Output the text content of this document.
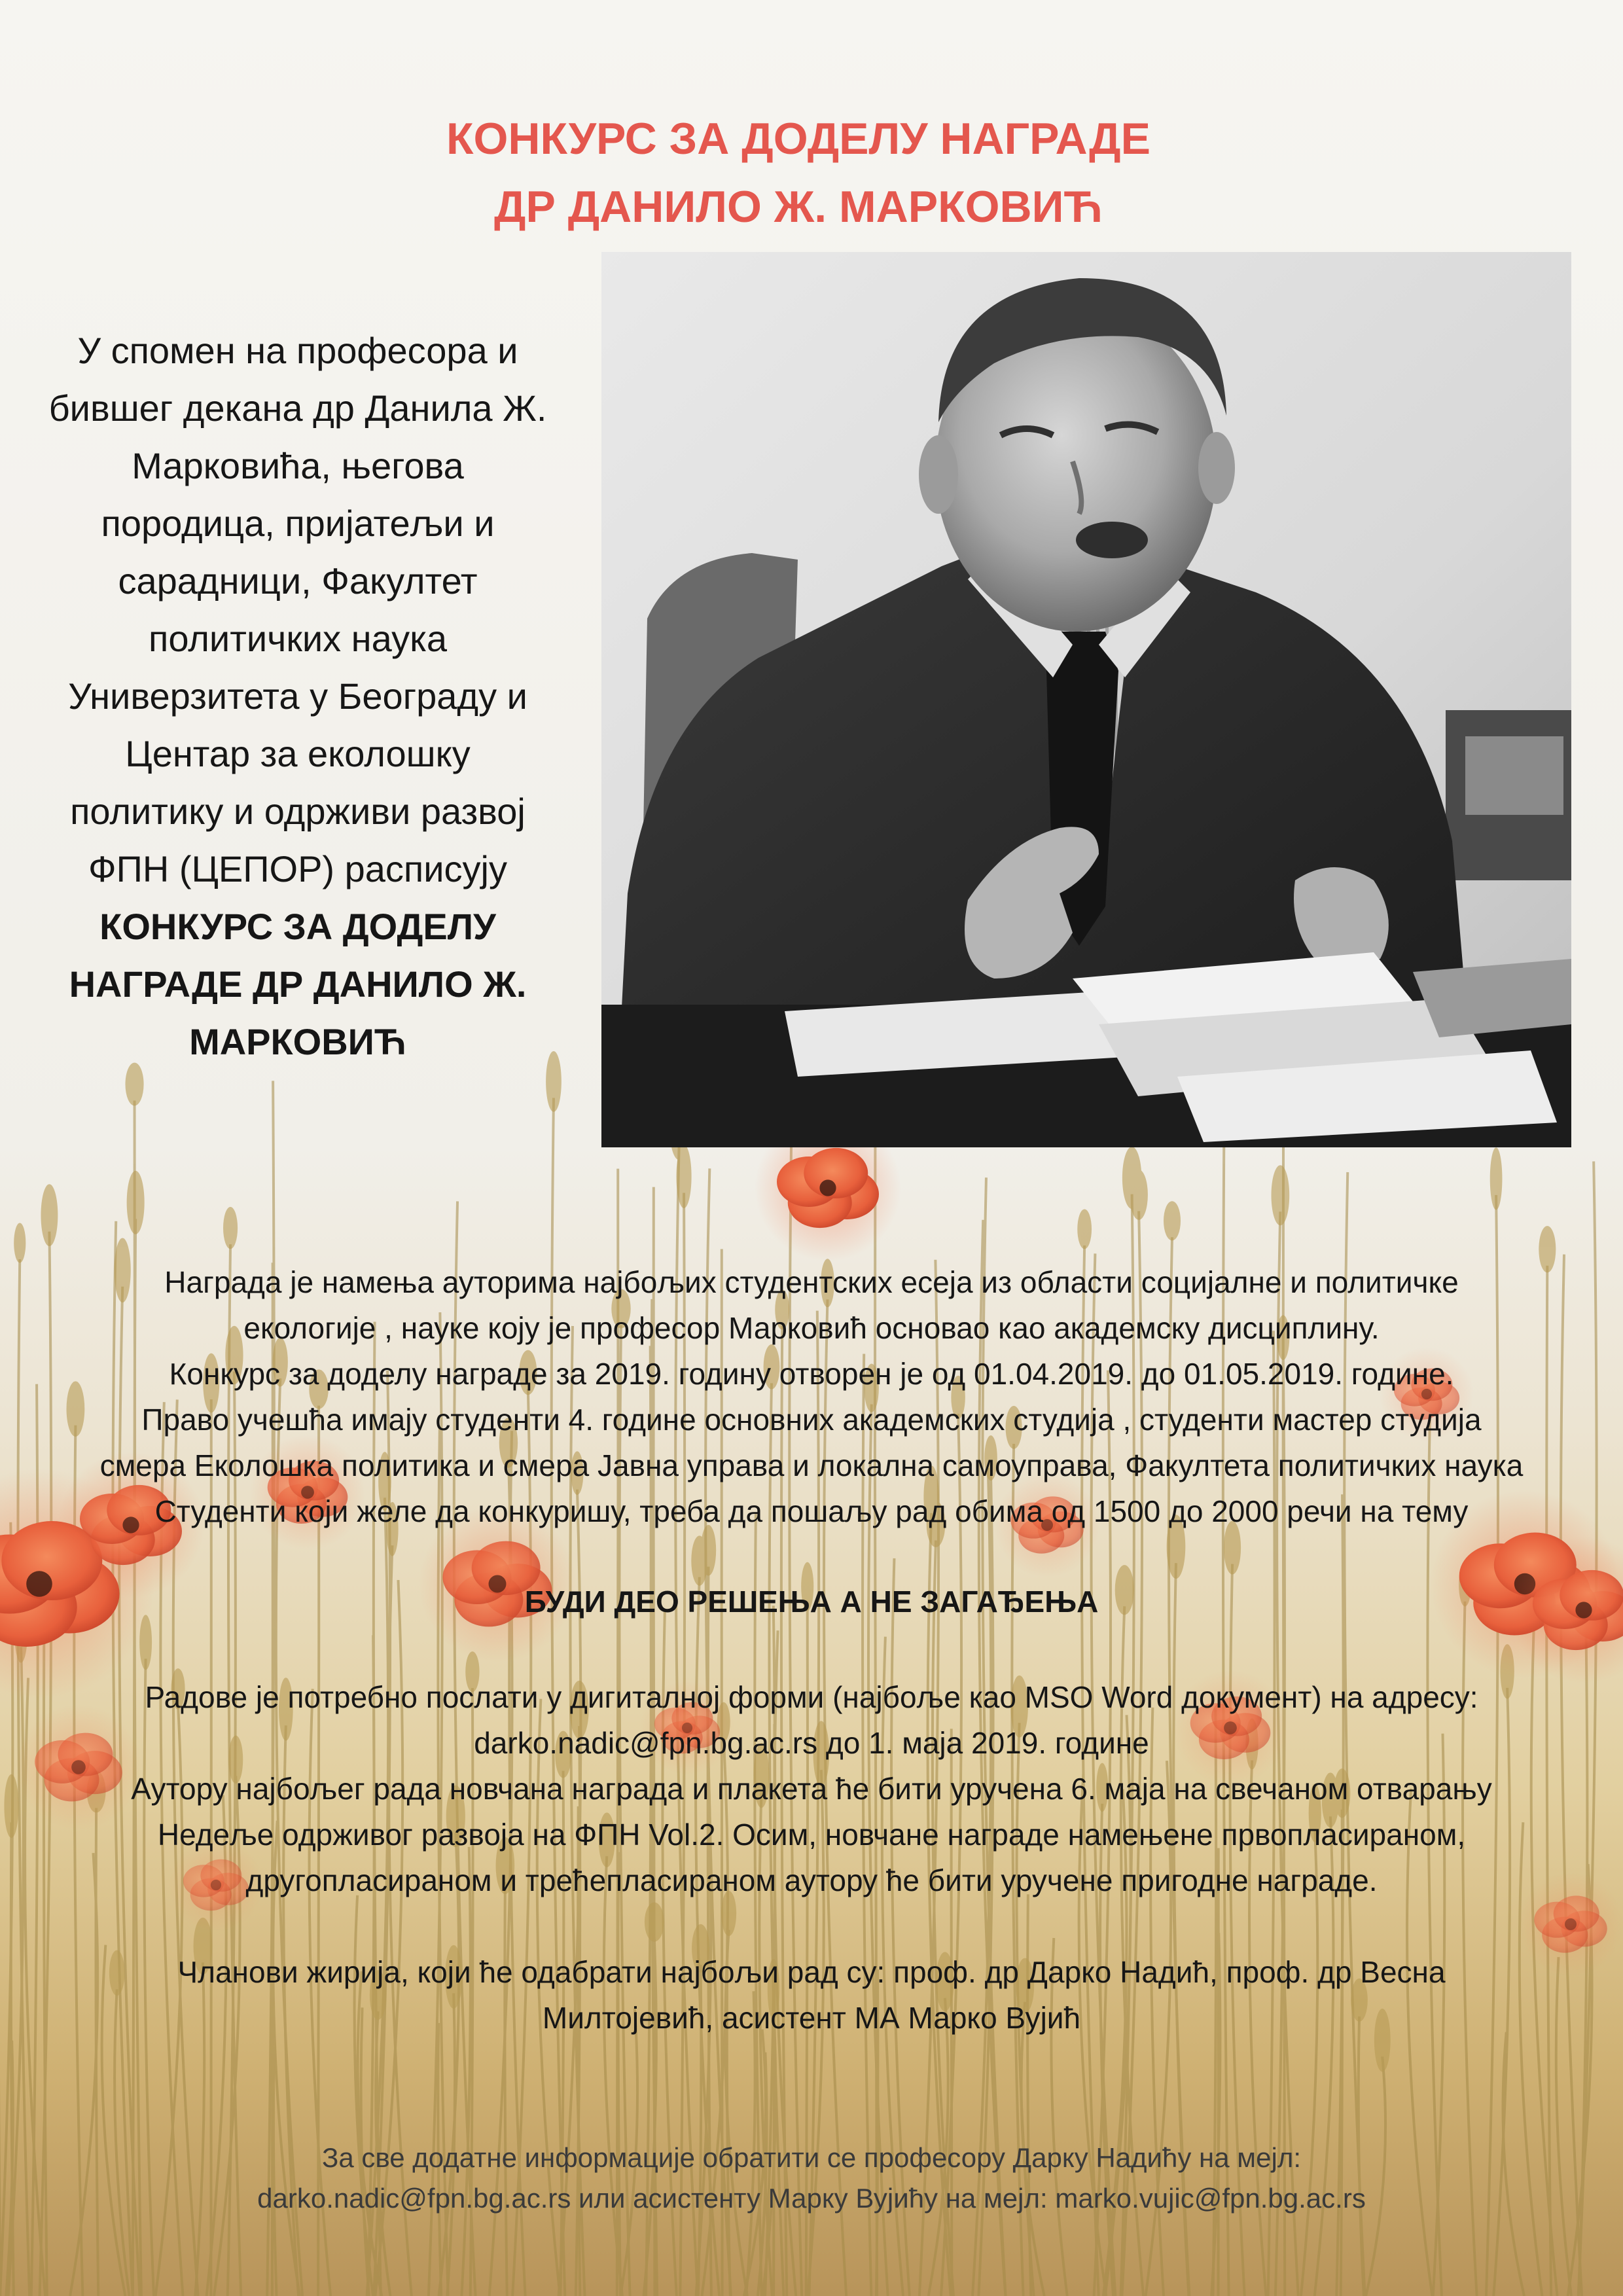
КОНКУРС ЗА ДОДЕЛУ НАГРАДЕ
ДР ДАНИЛО Ж. МАРКОВИЋ
У спомен на професора и
бившег декана др Данила Ж.
Марковића, његова
породица, пријатељи и
сарадници, Факултет
политичких наука
Универзитета у Београду и
Центар за еколошку
политику и одрживи развој
ФПН (ЦЕПОР) расписују
КОНКУРС ЗА ДОДЕЛУ
НАГРАДЕ ДР ДАНИЛО Ж.
МАРКОВИЋ
Награда је намења ауторима најбољих студентских есеја из области социјалне и политичке
екологије , науке коју је професор Марковић основао као академску дисциплину.
Конкурс за доделу награде за 2019. годину отворен је од 01.04.2019. до 01.05.2019. године.
Право учешћа имају студенти 4. године основних академских студија , студенти мастер студија
смера Еколошка политика и смера Јавна управа и локална самоуправа, Факултета политичких наука
Студенти који желе да конкуришу, треба да пошаљу рад обима од 1500 до 2000 речи на тему
БУДИ ДЕО РЕШЕЊА А НЕ ЗАГАЂЕЊА
Радове је потребно послати у дигиталној форми (најбоље као MSO Word документ) на адресу:
darko.nadic@fpn.bg.ac.rs до 1. маја 2019. године
Аутору најбољег рада новчана награда и плакета ће бити уручена 6. маја на свечаном отварању
Недеље одрживог развоја на ФПН Vol.2. Осим, новчане награде намењене првопласираном,
другопласираном и трећепласираном аутору ће бити уручене пригодне награде.
Чланови жирија, који ће одабрати најбољи рад су: проф. др Дарко Надић, проф. др Весна
Милтојевић, асистент МА Марко Вујић
За све додатне информације обратити се професору Дарку Надићу на мејл:
darko.nadic@fpn.bg.ac.rs или асистенту Марку Вујићу на мејл: marko.vujic@fpn.bg.ac.rs
